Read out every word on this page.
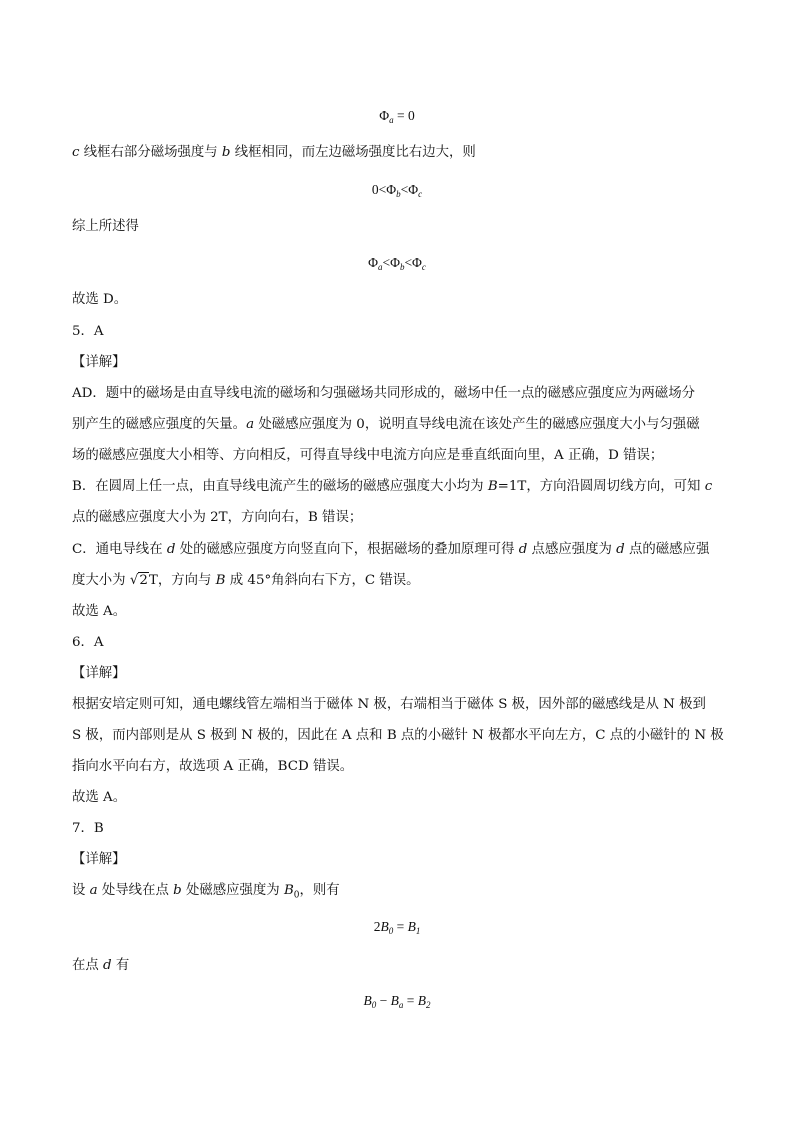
$\Phi_a = 0$
c 线框右部分磁场强度与 b 线框相同，而左边磁场强度比右边大，则
$0<\Phi_b<\Phi_c$
综上所述得
$\Phi_a<\Phi_b<\Phi_c$
故选 D。
5．A
【详解】
AD．题中的磁场是由直导线电流的磁场和匀强磁场共同形成的，磁场中任一点的磁感应强度应为两磁场分
别产生的磁感应强度的矢量。a 处磁感应强度为 0，说明直导线电流在该处产生的磁感应强度大小与匀强磁
场的磁感应强度大小相等、方向相反，可得直导线中电流方向应是垂直纸面向里，A 正确，D 错误；
B．在圆周上任一点，由直导线电流产生的磁场的磁感应强度大小均为 B=1T，方向沿圆周切线方向，可知 c
点的磁感应强度大小为 2T，方向向右，B 错误；
C．通电导线在 d 处的磁感应强度方向竖直向下，根据磁场的叠加原理可得 d 点感应强度为 d 点的磁感应强
度大小为 √2T，方向与 B 成 45°角斜向右下方，C 错误。
故选 A。
6．A
【详解】
根据安培定则可知，通电螺线管左端相当于磁体 N 极，右端相当于磁体 S 极，因外部的磁感线是从 N 极到
S 极，而内部则是从 S 极到 N 极的，因此在 A 点和 B 点的小磁针 N 极都水平向左方，C 点的小磁针的 N 极
指向水平向右方，故选项 A 正确，BCD 错误。
故选 A。
7．B
【详解】
设 a 处导线在点 b 处磁感应强度为 $B_0$，则有
$2B_0 = B_1$
在点 d 有
$B_0 - B_a = B_2$
